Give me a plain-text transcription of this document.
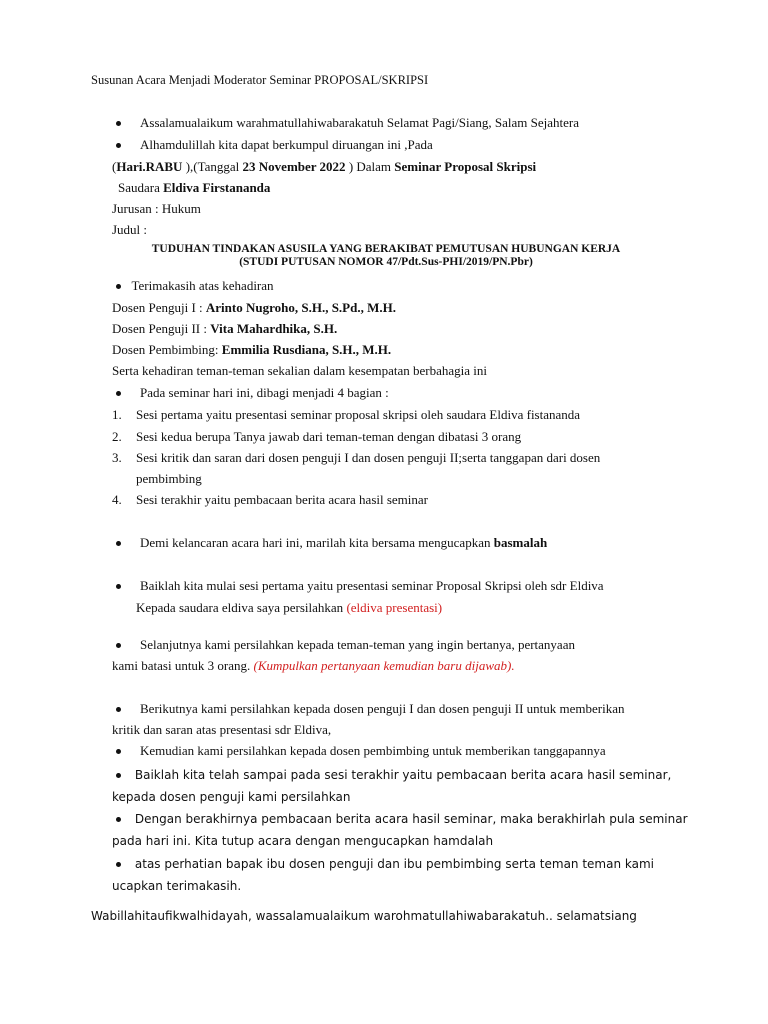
Susunan Acara Menjadi Moderator Seminar PROPOSAL/SKRIPSI
Assalamualaikum warahmatullahiwabarakatuh Selamat Pagi/Siang, Salam Sejahtera
Alhamdulillah kita dapat berkumpul diruangan ini ,Pada
(Hari.RABU ),(Tanggal 23 November 2022 ) Dalam Seminar Proposal Skripsi
Saudara Eldiva Firstananda
Jurusan : Hukum
Judul :
TUDUHAN TINDAKAN ASUSILA YANG BERAKIBAT PEMUTUSAN HUBUNGAN KERJA
(STUDI PUTUSAN NOMOR 47/Pdt.Sus-PHI/2019/PN.Pbr)
Terimakasih atas kehadiran
Dosen Penguji I : Arinto Nugroho, S.H., S.Pd., M.H.
Dosen Penguji II : Vita Mahardhika, S.H.
Dosen Pembimbing: Emmilia Rusdiana, S.H., M.H.
Serta kehadiran teman-teman sekalian dalam kesempatan berbahagia ini
Pada seminar hari ini, dibagi menjadi 4 bagian :
1. Sesi pertama yaitu presentasi seminar proposal skripsi oleh saudara Eldiva fistananda
2. Sesi kedua berupa Tanya jawab dari teman-teman dengan dibatasi 3 orang
3. Sesi kritik dan saran dari dosen penguji I dan dosen penguji II;serta tanggapan dari dosen
pembimbing
4. Sesi terakhir yaitu pembacaan berita acara hasil seminar
Demi kelancaran acara hari ini, marilah kita bersama mengucapkan basmalah
Baiklah kita mulai sesi pertama yaitu presentasi seminar Proposal Skripsi oleh sdr Eldiva
Kepada saudara eldiva saya persilahkan (eldiva presentasi)
Selanjutnya kami persilahkan kepada teman-teman yang ingin bertanya, pertanyaan
kami batasi untuk 3 orang. (Kumpulkan pertanyaan kemudian baru dijawab).
Berikutnya kami persilahkan kepada dosen penguji I dan dosen penguji II untuk memberikan
kritik dan saran atas presentasi sdr Eldiva,
Kemudian kami persilahkan kepada dosen pembimbing untuk memberikan tanggapannya
Baiklah kita telah sampai pada sesi terakhir yaitu pembacaan berita acara hasil seminar,
kepada dosen penguji kami persilahkan
Dengan berakhirnya pembacaan berita acara hasil seminar, maka berakhirlah pula seminar
pada hari ini. Kita tutup acara dengan mengucapkan hamdalah
atas perhatian bapak ibu dosen penguji dan ibu pembimbing serta teman teman kami
ucapkan terimakasih.
Wabillahitaufikwalhidayah, wassalamualaikum warohmatullahiwabarakatuh.. selamatsiang
